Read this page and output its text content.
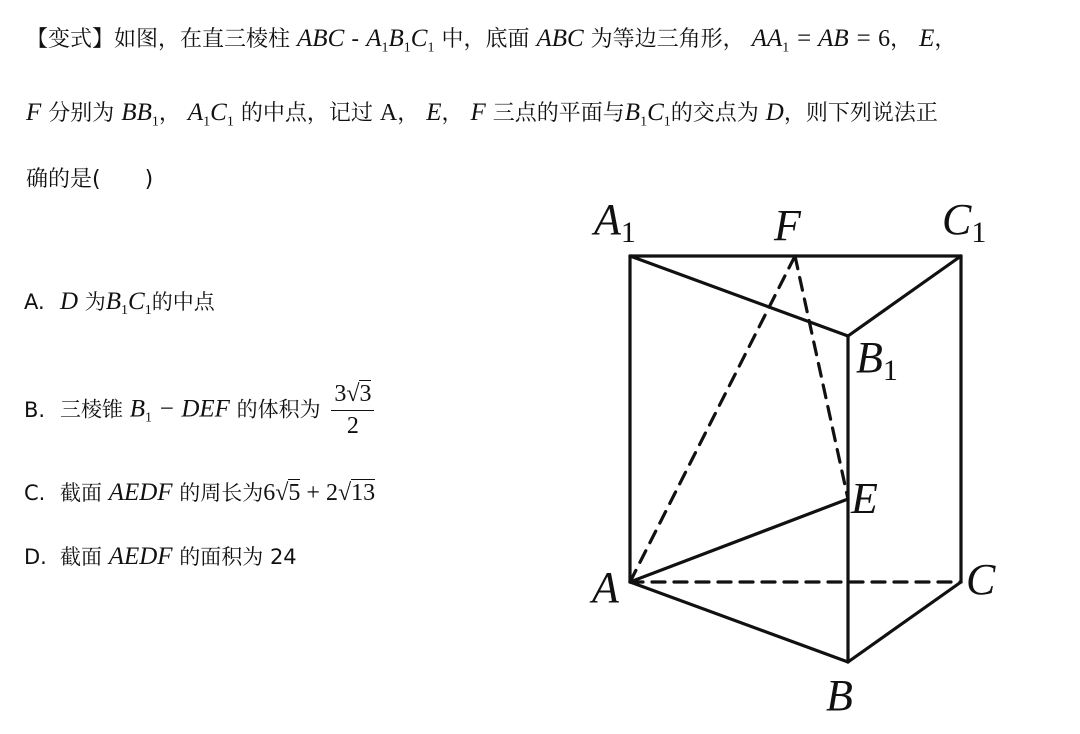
【变式】如图，在直三棱柱 ABC - $A_1B_1C_1$ 中，底面 ABC 为等边三角形， $AA_1$ = AB = 6， E，
F 分别为 $BB_1$， $A_1C_1$ 的中点，记过 A， E， F 三点的平面与$B_1C_1$的交点为 D，则下列说法正
确的是(　　)
A. D 为$B_1C_1$的中点
B. 三棱锥 $B_1$ − DEF 的体积为 $\frac{3√3}{2}$
C. 截面 AEDF 的周长为6√5 + 2√13
D. 截面 AEDF 的面积为 24
A1	F	C1
B1
E
A	C
B
